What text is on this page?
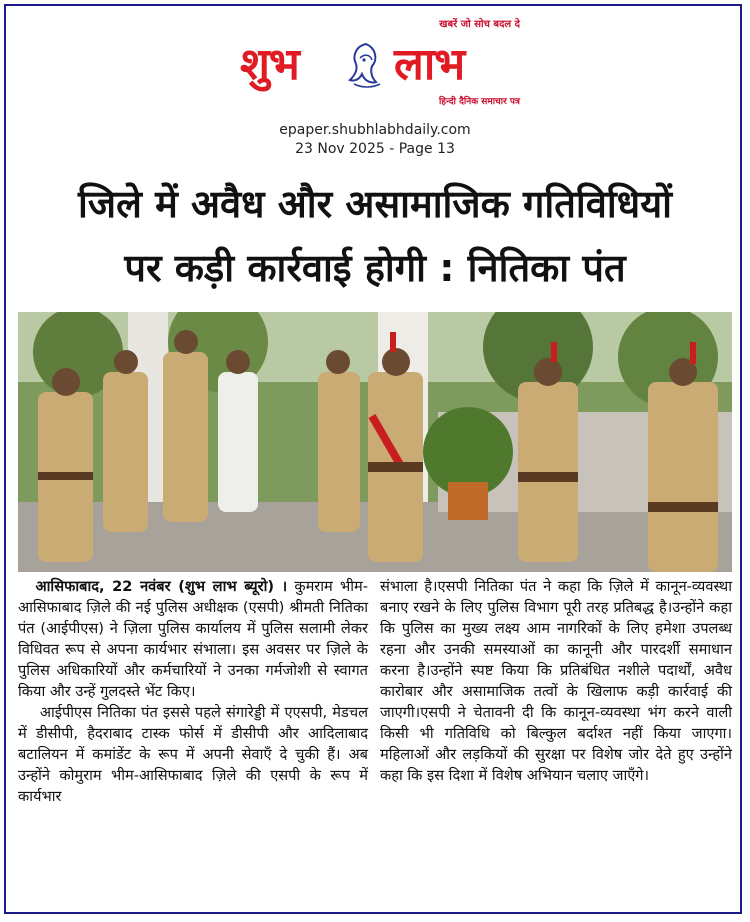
खबरें जो सोच बदल दे
शुभ लाभ
हिन्दी दैनिक समाचार पत्र
epaper.shubhlabhdaily.com
23 Nov 2025 - Page 13
जिले में अवैध और असामाजिक गतिविधियों
पर कड़ी कार्रवाई होगी : नितिका पंत

आसिफाबाद, 22 नवंबर (शुभ लाभ ब्यूरो) । कुमराम भीम-आसिफाबाद ज़िले की नई पुलिस अधीक्षक (एसपी) श्रीमती नितिका पंत (आईपीएस) ने ज़िला पुलिस कार्यालय में पुलिस सलामी लेकर विधिवत रूप से अपना कार्यभार संभाला। इस अवसर पर ज़िले के पुलिस अधिकारियों और कर्मचारियों ने उनका गर्मजोशी से स्वागत किया और उन्हें गुलदस्ते भेंट किए।

आईपीएस नितिका पंत इससे पहले संगारेड्डी में एएसपी, मेडचल में डीसीपी, हैदराबाद टास्क फोर्स में डीसीपी और आदिलाबाद बटालियन में कमांडेंट के रूप में अपनी सेवाएँ दे चुकी हैं। अब उन्होंने कोमुराम भीम-आसिफाबाद ज़िले की एसपी के रूप में कार्यभार

संभाला है।एसपी नितिका पंत ने कहा कि ज़िले में कानून-व्यवस्था बनाए रखने के लिए पुलिस विभाग पूरी तरह प्रतिबद्ध है।उन्होंने कहा कि पुलिस का मुख्य लक्ष्य आम नागरिकों के लिए हमेशा उपलब्ध रहना और उनकी समस्याओं का कानूनी और पारदर्शी समाधान करना है।उन्होंने स्पष्ट किया कि प्रतिबंधित नशीले पदार्थों, अवैध कारोबार और असामाजिक तत्वों के खिलाफ कड़ी कार्रवाई की जाएगी।एसपी ने चेतावनी दी कि कानून-व्यवस्था भंग करने वाली किसी भी गतिविधि को बिल्कुल बर्दाश्त नहीं किया जाएगा। महिलाओं और लड़कियों की सुरक्षा पर विशेष जोर देते हुए उन्होंने कहा कि इस दिशा में विशेष अभियान चलाए जाएँगे।
